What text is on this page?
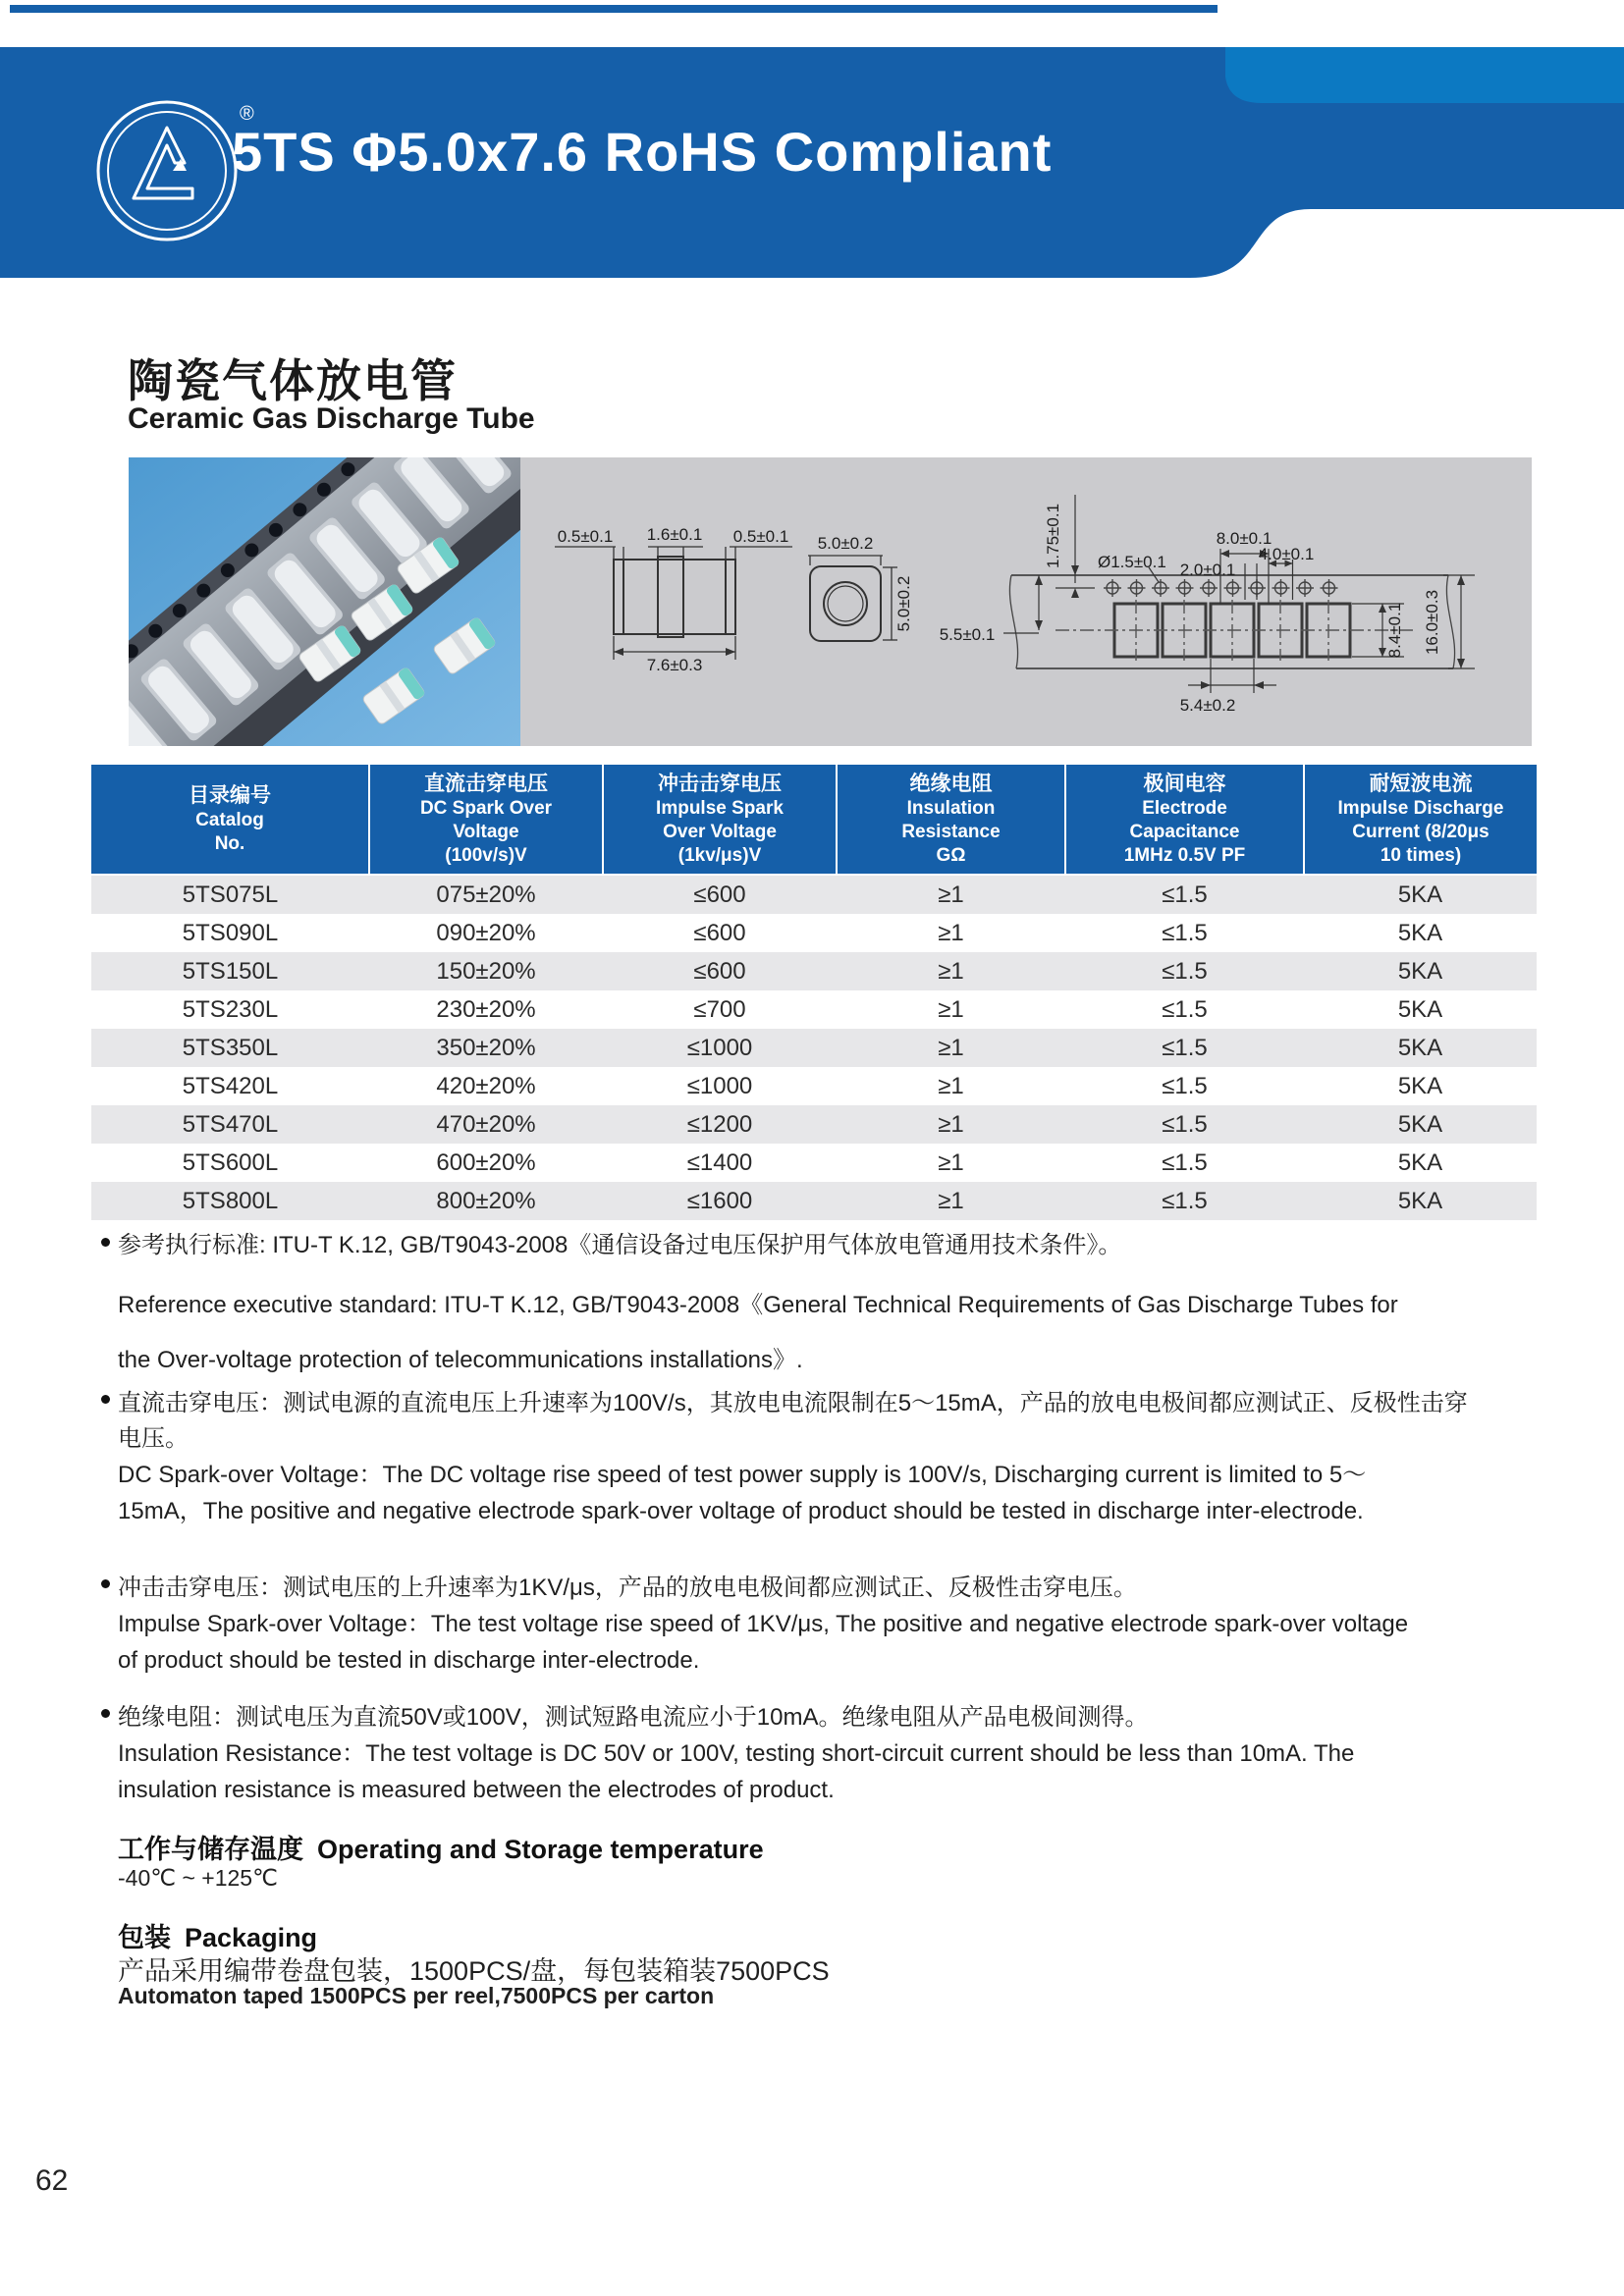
®
5TS Φ5.0x7.6 RoHS Compliant
陶瓷气体放电管
Ceramic Gas Discharge Tube
0.5±0.1 1.6±0.1 0.5±0.1
7.6±0.3
5.0±0.2
5.0±0.2
1.75±0.1 Ø1.5±0.1 2.0±0.1
4.0±0.1
8.0±0.1
5.5±0.1
5.4±0.2
8.4±0.1 16.0±0.3
目录编号
Catalog
No.

直流击穿电压
DC Spark Over
Voltage
(100v/s)V

冲击击穿电压
Impulse Spark
Over Voltage
(1kv/μs)V

绝缘电阻
Insulation
Resistance
GΩ

极间电容
Electrode
Capacitance
1MHz 0.5V PF

耐短波电流
Impulse Discharge
Current (8/20μs
10 times)

5TS075L	075±20%	≤600	≥1	≤1.5	5KA
5TS090L	090±20%	≤600	≥1	≤1.5	5KA
5TS150L	150±20%	≤600	≥1	≤1.5	5KA
5TS230L	230±20%	≤700	≥1	≤1.5	5KA
5TS350L	350±20%	≤1000	≥1	≤1.5	5KA
5TS420L	420±20%	≤1000	≥1	≤1.5	5KA
5TS470L	470±20%	≤1200	≥1	≤1.5	5KA
5TS600L	600±20%	≤1400	≥1	≤1.5	5KA
5TS800L	800±20%	≤1600	≥1	≤1.5	5KA
参考执行标准: ITU-T K.12, GB/T9043-2008《通信设备过电压保护用气体放电管通用技术条件》。
Reference executive standard: ITU-T K.12, GB/T9043-2008《General Technical Requirements of Gas Discharge Tubes for the Over-voltage protection of telecommunications installations》.
直流击穿电压：测试电源的直流电压上升速率为100V/s，其放电电流限制在5～15mA，产品的放电电极间都应测试正、反极性击穿电压。
DC Spark-over Voltage：The DC voltage rise speed of test power supply is 100V/s, Discharging current is limited to 5～15mA，The positive and negative electrode spark-over voltage of product should be tested in discharge inter-electrode.
冲击击穿电压：测试电压的上升速率为1KV/μs，产品的放电电极间都应测试正、反极性击穿电压。
Impulse Spark-over Voltage：The test voltage rise speed of 1KV/μs, The positive and negative electrode spark-over voltage of product should be tested in discharge inter-electrode.
绝缘电阻：测试电压为直流50V或100V，测试短路电流应小于10mA。绝缘电阻从产品电极间测得。
Insulation Resistance：The test voltage is DC 50V or 100V, testing short-circuit current should be less than 10mA. The insulation resistance is measured between the electrodes of product.
工作与储存温度 Operating and Storage temperature
-40℃ ~ +125℃
包装 Packaging
产品采用编带卷盘包装，1500PCS/盘，每包装箱装7500PCS
Automaton taped 1500PCS per reel,7500PCS per carton
62
